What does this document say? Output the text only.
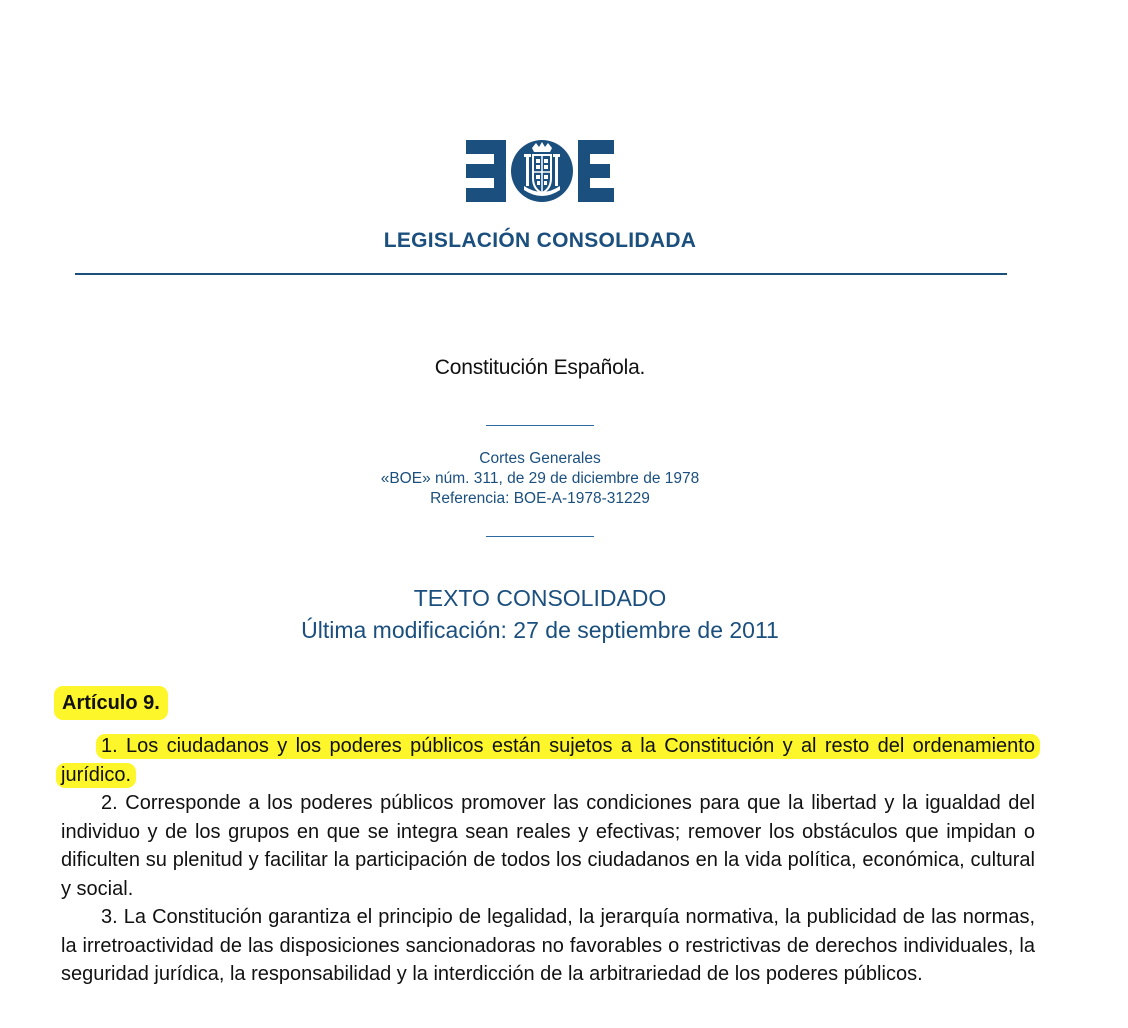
LEGISLACIÓN CONSOLIDADA
Constitución Española.
Cortes Generales
«BOE» núm. 311, de 29 de diciembre de 1978
Referencia: BOE-A-1978-31229
TEXTO CONSOLIDADO
Última modificación: 27 de septiembre de 2011
Artículo 9.

1. Los ciudadanos y los poderes públicos están sujetos a la Constitución y al resto del ordenamiento jurídico.

2. Corresponde a los poderes públicos promover las condiciones para que la libertad y la igualdad del individuo y de los grupos en que se integra sean reales y efectivas; remover los obstáculos que impidan o dificulten su plenitud y facilitar la participación de todos los ciudadanos en la vida política, económica, cultural y social.

3. La Constitución garantiza el principio de legalidad, la jerarquía normativa, la publicidad de las normas, la irretroactividad de las disposiciones sancionadoras no favorables o restrictivas de derechos individuales, la seguridad jurídica, la responsabilidad y la interdicción de la arbitrariedad de los poderes públicos.
